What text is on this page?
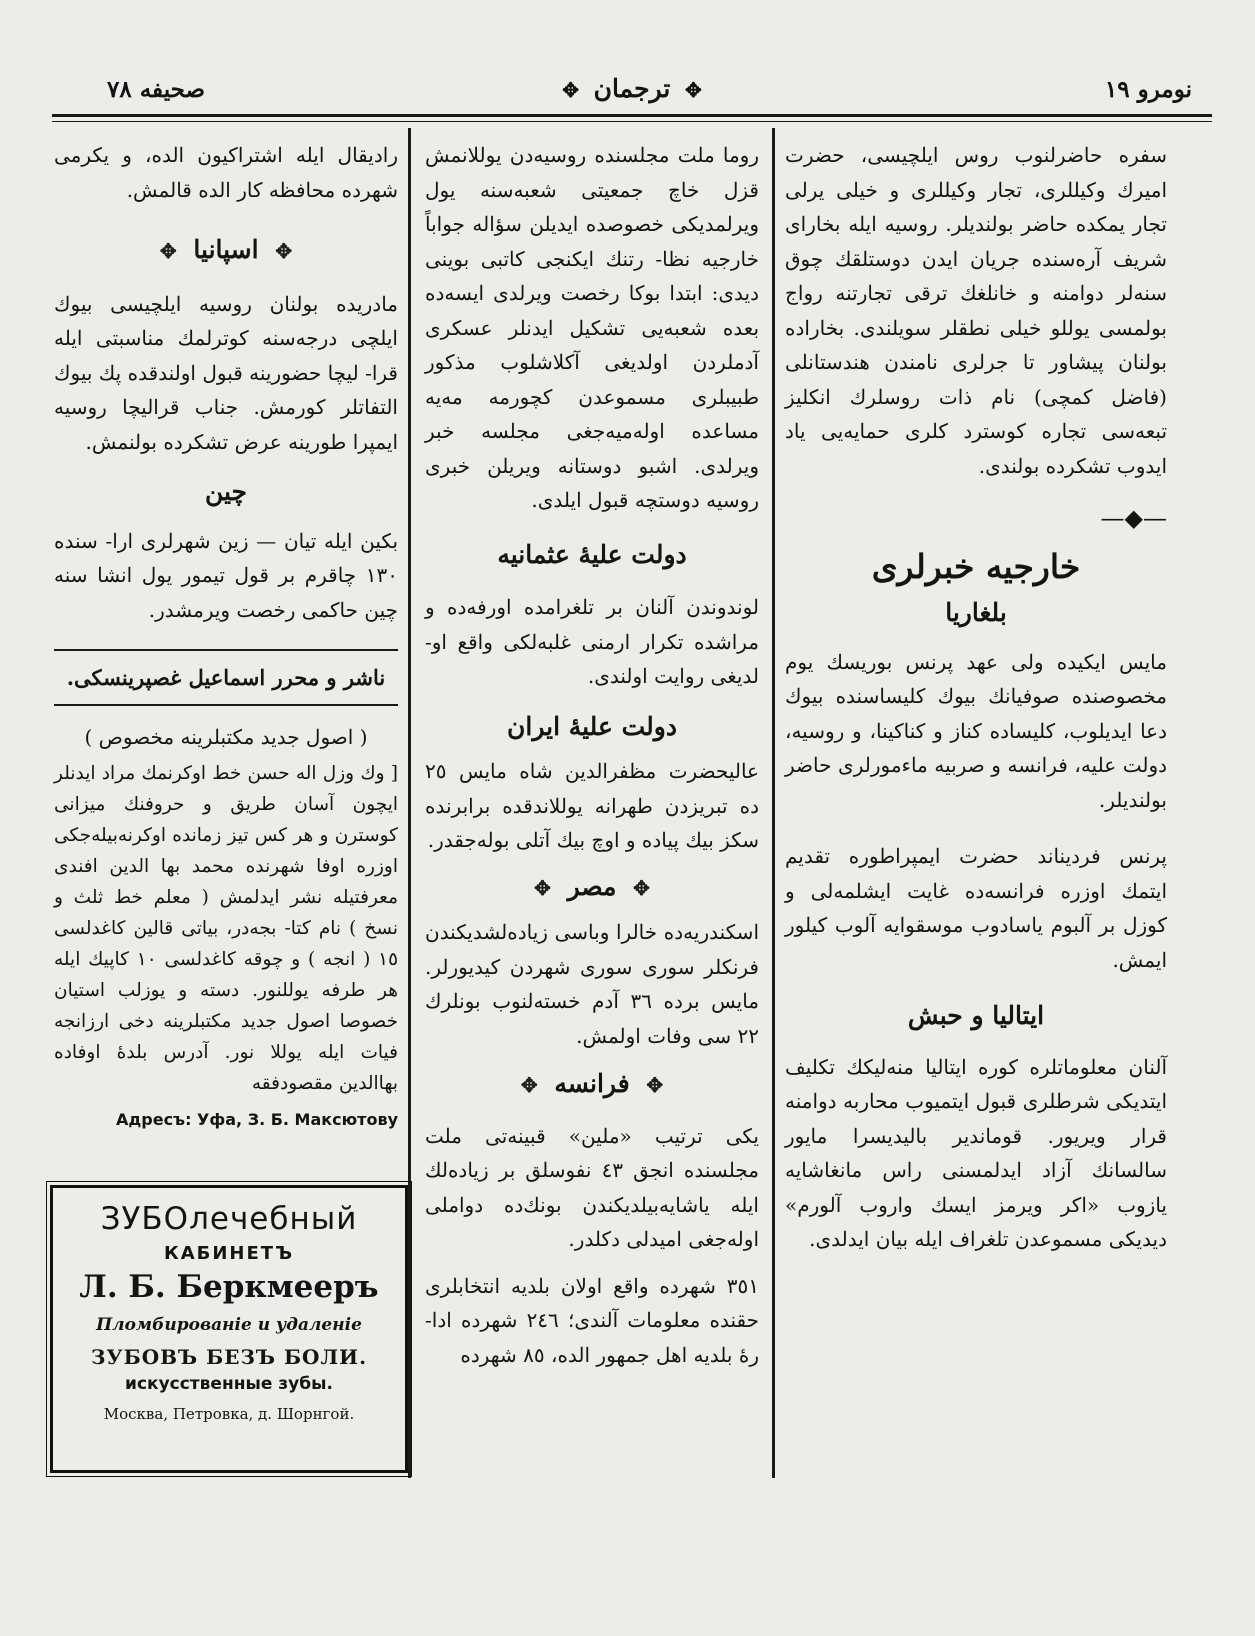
نومرو ١٩
✥ ترجمان ✥
صحيفه ٧٨

سفره حاضرلنوب روس ايلچيسى، حضرت اميرك وكيللرى، تجار وكيللرى و خيلى يرلى تجار يمكده حاضر بولنديلر. روسيه ايله بخاراى شريف آره‌سنده جريان ايدن دوستلقك چوق سنه‌لر دوامنه و خانلغك ترقى تجارتنه رواج بولمسى يوللو خيلى نطقلر سويلندى. بخاراده بولنان پيشاور تا جرلرى نامندن هندستانلى (فاضل كمچى) نام ذات روسلرك انكليز تبعه‌سى تجاره كوسترد كلرى حمايه‌يى ياد ايدوب تشكرده بولندى.

—◆—
خارجيه خبرلرى
بلغاريا

مايس ايكيده ولى عهد پرنس بوريسك يوم مخصوصنده صوفيانك بيوك كليساسنده بيوك دعا ايديلوب، كليساده كناز و كناكينا، و روسيه، دولت عليه، فرانسه و صربيه ماءمورلرى حاضر بولنديلر.

پرنس فرديناند حضرت ايمپراطوره تقديم ايتمك اوزره فرانسه‌ده غايت ايشلمه‌لى و كوزل بر آلبوم ياسادوب موسقوايه آلوب كيلور ايمش.

ايتاليا و حبش

آلنان معلوماتلره كوره ايتاليا منه‌ليكك تكليف ايتديكى شرطلرى قبول ايتميوب محاربه دوامنه قرار ويريور. قوماندير باليديسرا مايور سالسانك آزاد ايدلمسنى راس مانغاشايه يازوب «اكر ويرمز ايسك واروب آلورم» ديديكى مسموعدن تلغراف ايله بيان ايدلدى.

روما ملت مجلسنده روسيه‌دن يوللانمش قزل خاچ جمعيتى شعبه‌سنه يول ويرلمديكى خصوصده ايديلن سؤاله جواباً خارجيه نظا- رتنك ايكنجى كاتبى بوينى ديدى: ابتدا بوكا رخصت ويرلدى ايسه‌ده بعده شعبه‌يى تشكيل ايدنلر عسكرى آدملردن اولديغى آكلاشلوب مذكور طبيبلرى مسموعدن كچورمه مه‌يه مساعده اوله‌ميه‌جغى مجلسه خبر ويرلدى. اشبو دوستانه ويريلن خبرى روسيه دوستچه قبول ايلدى.

دولت عليهٔ عثمانيه

لوندوندن آلنان بر تلغرامده اورفه‌ده و مراشده تكرار ارمنى غلبه‌لكى واقع او- لديغى روايت اولندى.

دولت عليهٔ ايران

عاليحضرت مظفرالدين شاه مايس ٢٥ ده تبريزدن طهرانه يوللاندقده برابرنده سكز بيك پياده و اوچ بيك آتلى بوله‌جقدر.

✥ مصر ✥

اسكندريه‌ده خالرا وباسى زياده‌لشديكندن فرنكلر سورى سورى شهردن كيديورلر. مايس برده ٣٦ آدم خسته‌لنوب بونلرك ٢٢ سى وفات اولمش.

✥ فرانسه ✥

يكى ترتيب «ملين» قبينه‌تى ملت مجلسنده انجق ٤٣ نفوسلق بر زياده‌لك ايله ياشايه‌بيلديكندن بونك‌ده دواملى اوله‌جغى اميدلى دكلدر.

٣٥١ شهرده واقع اولان بلديه انتخابلرى حقنده معلومات آلندى؛ ٢٤٦ شهرده ادا- رهٔ بلديه اهل جمهور الده، ٨٥ شهرده

راديقال ايله اشتراكيون الده، و يكرمى شهرده محافظه كار الده قالمش.

✥ اسپانيا ✥

مادريده بولنان روسيه ايلچيسى بيوك ايلچى درجه‌سنه كوترلمك مناسبتى ايله قرا- ليچا حضورينه قبول اولندقده پك بيوك التفاتلر كورمش. جناب قراليچا روسيه ايمپرا طورينه عرض تشكرده بولنمش.

چين

بكين ايله تيان — زين شهرلرى ارا- سنده ١٣٠ چاقرم بر قول تيمور يول انشا سنه چين حاكمى رخصت ويرمشدر.

ناشر و محرر اسماعيل غصپرينسكى.
( اصول جديد مكتبلرينه مخصوص )

[ وك وزل اله حسن خط اوكرنمك مراد ايدنلر ايچون آسان طريق و حروفنك ميزانى كوسترن و هر كس تيز زمانده اوكرنه‌بيله‌جكى اوزره اوفا شهرنده محمد بها الدين افندى معرفتيله نشر ايدلمش ( معلم خط ثلث و نسخ ) نام كتا- بجه‌در، بياتى قالين كاغدلسى ١٥ ( انجه ) و چوقه كاغدلسى ١٠ كاپيك ايله هر طرفه يوللنور. دسته و يوزلب استيان خصوصا اصول جديد مكتبلرينه دخى ارزانجه فيات ايله يوللا نور. آدرس بلدهٔ اوفاده بهاالدين مقصودفقه

Адресъ: Уфа, З. Б. Максютову
ЗУБОлечебный
КАБИНЕТЪ
Л. Б. Беркмееръ
Пломбированіе и удаленіе
ЗУБОВЪ БЕЗЪ БОЛИ.
искусственные зубы.
Москва, Петровка, д. Шорнгой.
